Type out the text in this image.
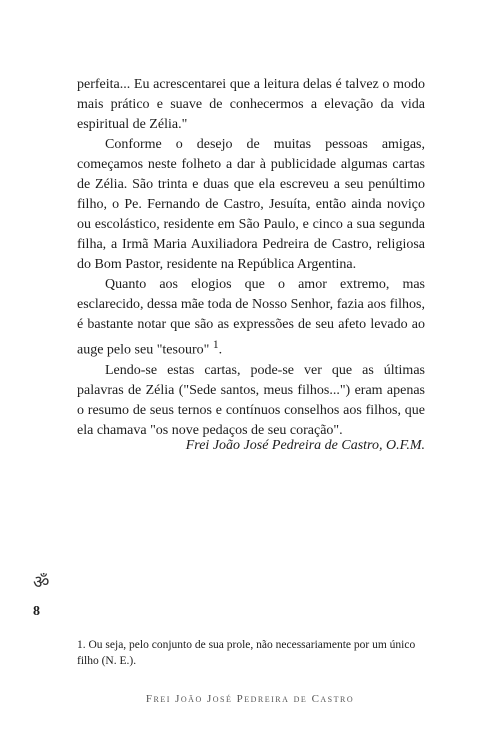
perfeita... Eu acrescentarei que a leitura delas é talvez o modo mais prático e suave de conhecermos a elevação da vida espiritual de Zélia."

Conforme o desejo de muitas pessoas amigas, começamos neste folheto a dar à publicidade algumas cartas de Zélia. São trinta e duas que ela escreveu a seu penúltimo filho, o Pe. Fernando de Castro, Jesuíta, então ainda noviço ou escolástico, residente em São Paulo, e cinco a sua segunda filha, a Irmã Maria Auxiliadora Pedreira de Castro, religiosa do Bom Pastor, residente na República Argentina.

Quanto aos elogios que o amor extremo, mas esclarecido, dessa mãe toda de Nosso Senhor, fazia aos filhos, é bastante notar que são as expressões de seu afeto levado ao auge pelo seu "tesouro" $^1$.

Lendo-se estas cartas, pode-se ver que as últimas palavras de Zélia ("Sede santos, meus filhos...") eram apenas o resumo de seus ternos e contínuos conselhos aos filhos, que ela chamava "os nove pedaços de seu coração".

Frei João José Pedreira de Castro, O.F.M.
ॐ
8
1. Ou seja, pelo conjunto de sua prole, não necessariamente por um único filho (N. E.).
Frei João José Pedreira de Castro
